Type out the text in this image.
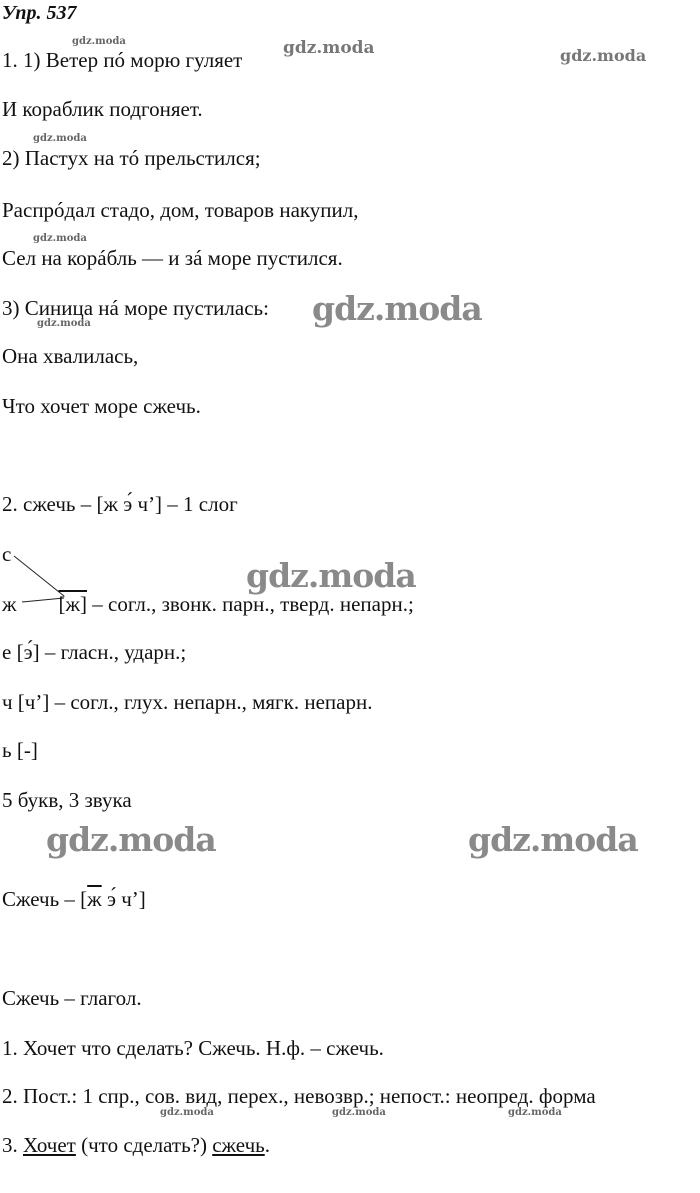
Упр. 537
gdz.moda	gdz.moda	gdz.moda
gdz.moda
gdz.moda
gdz.moda
gdz.moda
gdz.moda
gdz.moda	gdz.moda
gdz.moda	gdz.moda	gdz.moda
1. 1) Ветер пó морю гуляет
И кораблик подгоняет.
2) Пастух на тó прельстился;
Распрóдал стадо, дом, товаров накупил,
Сел на корáбль — и зá море пустился.
3) Синица нá море пустилась:
Она хвалилась,
Что хочет море сжечь.
2. сжечь – [ж э́ ч’] – 1 слог
с
ж [ж] – согл., звонк. парн., тверд. непарн.;
е [э́] – гласн., ударн.;
ч [ч’] – согл., глух. непарн., мягк. непарн.
ь [-]
5 букв, 3 звука
Сжечь – [ж э́ ч’]
Сжечь – глагол.
1. Хочет что сделать? Сжечь. Н.ф. – сжечь.
2. Пост.: 1 спр., сов. вид, перех., невозвр.; непост.: неопред. форма
3. Хочет (что сделать?) сжечь.
